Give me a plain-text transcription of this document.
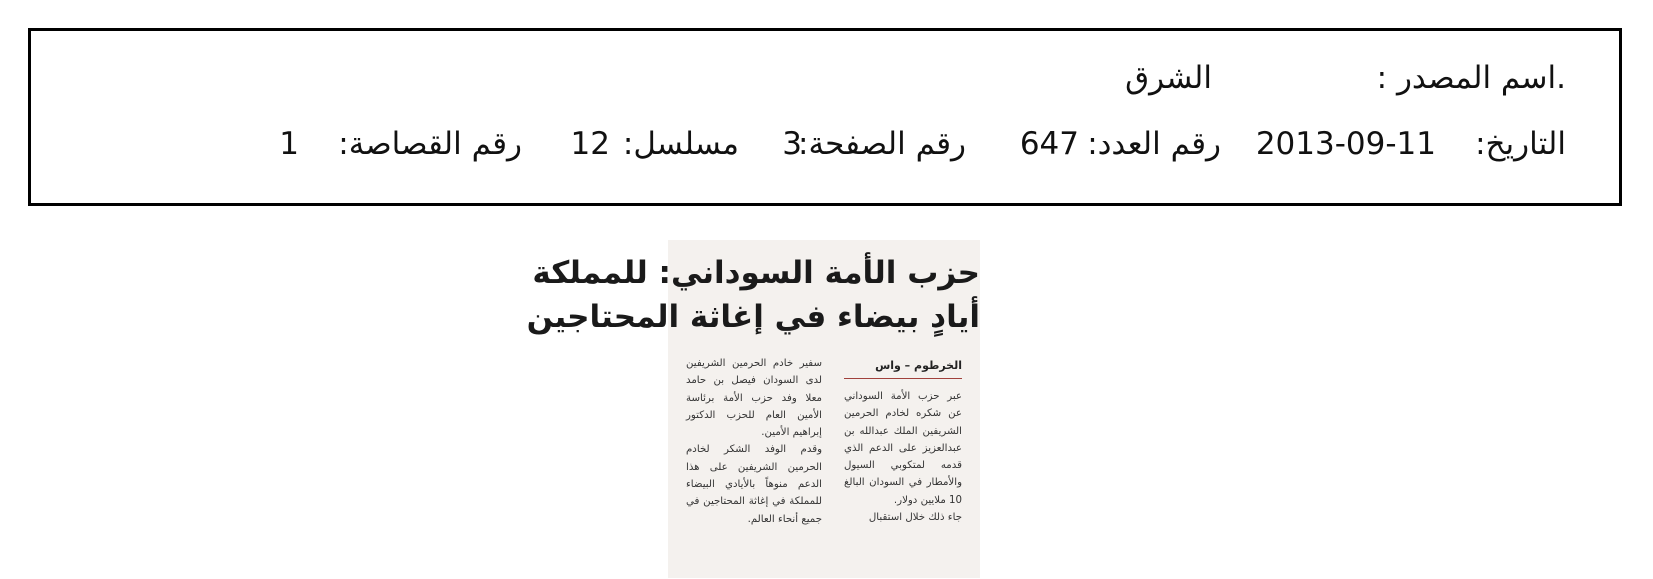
.اسم المصدر :
الشرق
التاريخ:
2013-09-11
رقم العدد:
647
رقم الصفحة:
3
مسلسل:
12
رقم القصاصة:
1
حزب الأمة السوداني: للمملكة
أيادٍ بيضاء في إغاثة المحتاجين
الخرطوم – واس

عبر حزب الأمة السوداني عن شكره لخادم الحرمين الشريفين الملك عبدالله بن عبدالعزيز على الدعم الذي قدمه لمتكوبي السيول والأمطار في السودان البالغ 10 ملايين دولار.

جاء ذلك خلال استقبال

سفير خادم الحرمين الشريفين لدى السودان فيصل بن حامد معلا وفد حزب الأمة برئاسة الأمين العام للحزب الدكتور إبراهيم الأمين.

وقدم الوفد الشكر لخادم الحرمين الشريفين على هذا الدعم منوهاً بالأيادي البيضاء للمملكة في إغاثة المحتاجين في جميع أنحاء العالم.
